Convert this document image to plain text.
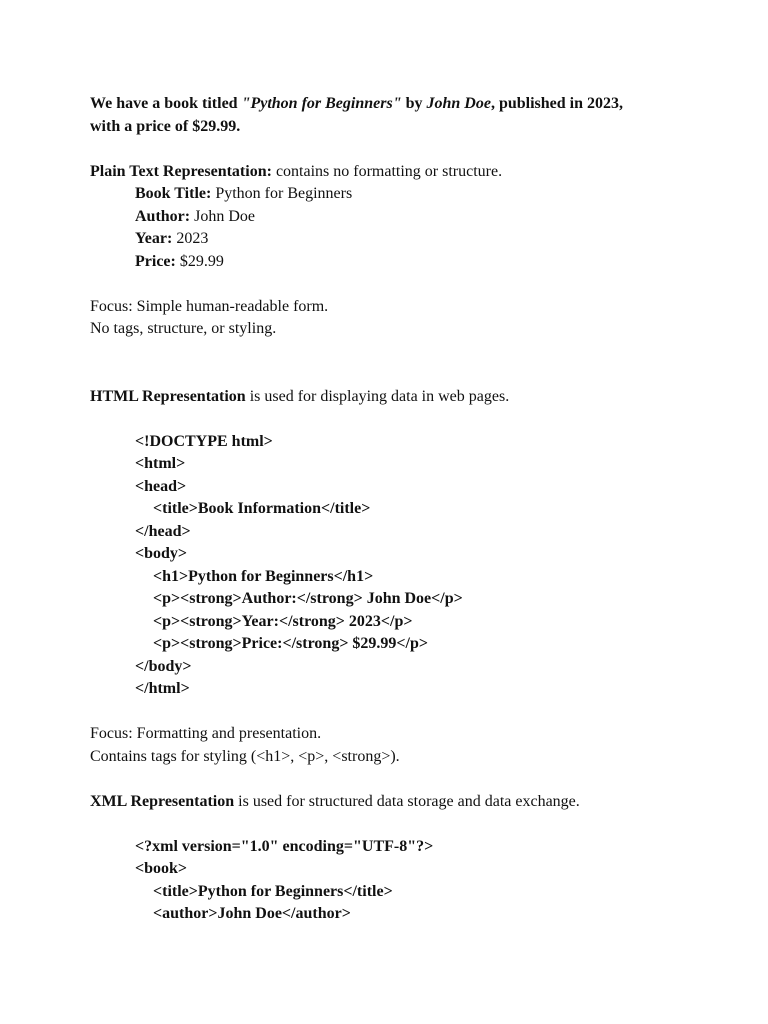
We have a book titled "Python for Beginners" by John Doe, published in 2023,
with a price of $29.99.
Plain Text Representation: contains no formatting or structure.
Book Title: Python for Beginners
Author: John Doe
Year: 2023
Price: $29.99
Focus: Simple human-readable form.
No tags, structure, or styling.
HTML Representation is used for displaying data in web pages.
<!DOCTYPE html>
<html>
<head>
<title>Book Information</title>
</head>
<body>
<h1>Python for Beginners</h1>
<p><strong>Author:</strong> John Doe</p>
<p><strong>Year:</strong> 2023</p>
<p><strong>Price:</strong> $29.99</p>
</body>
</html>
Focus: Formatting and presentation.
Contains tags for styling (<h1>, <p>, <strong>).
XML Representation is used for structured data storage and data exchange.
<?xml version="1.0" encoding="UTF-8"?>
<book>
<title>Python for Beginners</title>
<author>John Doe</author>
